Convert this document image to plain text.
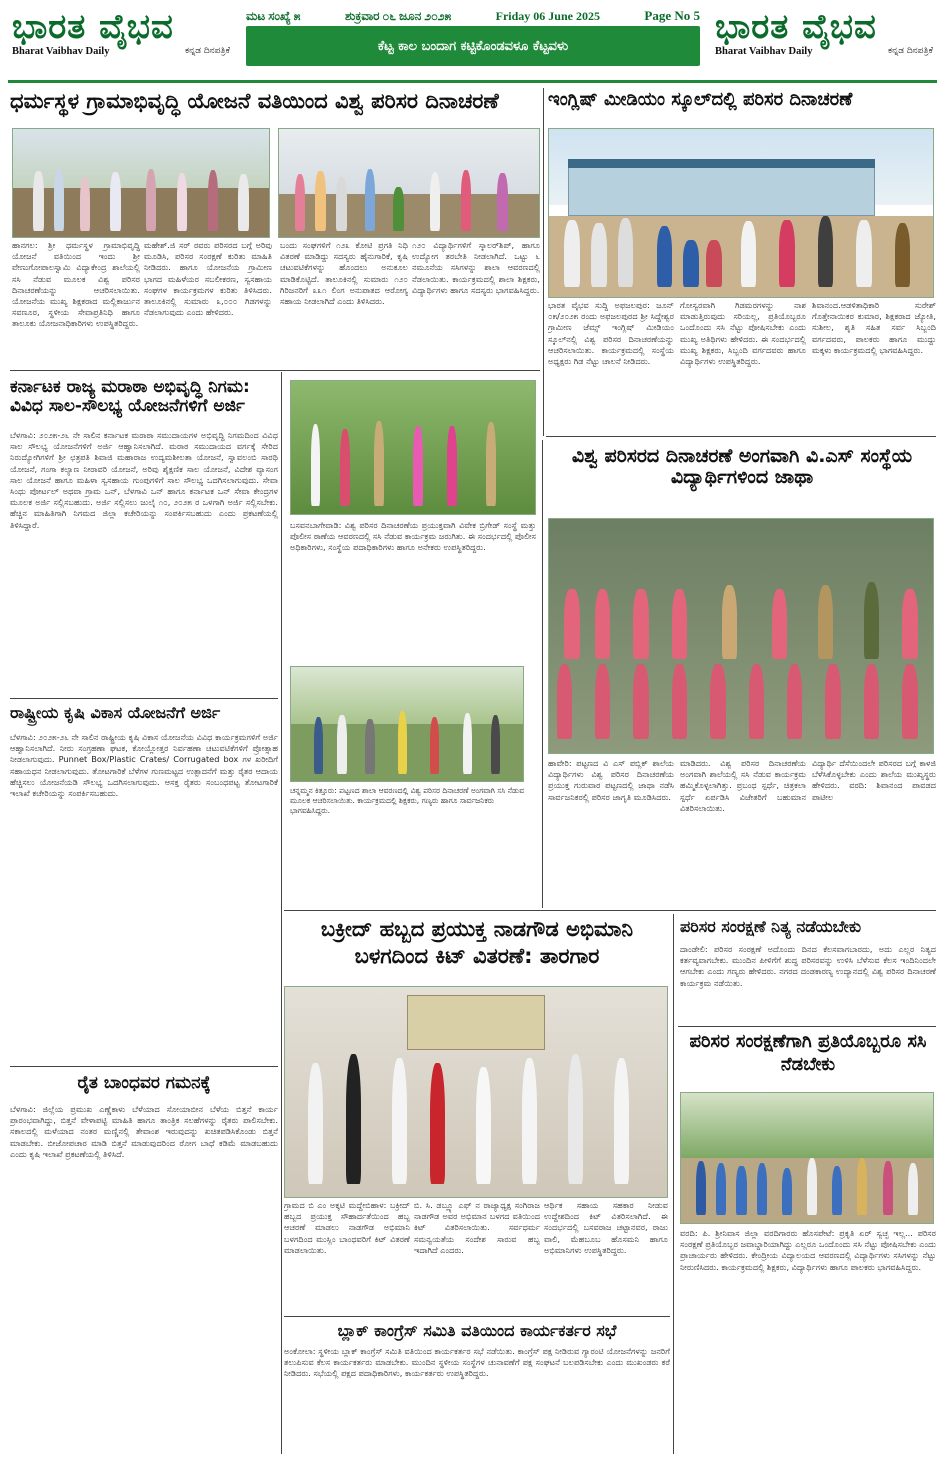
ಭಾರತ ವೈಭವ
Bharat Vaibhav Daily	ಕನ್ನಡ ದಿನಪತ್ರಿಕೆ
ಮಟ ಸಂಖ್ಯೆ ೫	ಶುಕ್ರವಾರ ೦೬ ಜೂನ ೨೦೨೫	Friday 06 June 2025	Page No 5
ಕೆಟ್ಟ ಕಾಲ ಬಂದಾಗ ಕಟ್ಟಿಕೊಂಡವಳೂ ಕೆಟ್ಟವಳು	ಭಾರತ ವೈಭವ
Bharat Vaibhav Daily	ಕನ್ನಡ ದಿನಪತ್ರಿಕೆ
ಧರ್ಮಸ್ಥಳ ಗ್ರಾಮಾಭಿವೃದ್ಧಿ ಯೋಜನೆ ವತಿಯಿಂದ ವಿಶ್ವ ಪರಿಸರ ದಿನಾಚರಣೆ
ಹಾನಗಲ: ಶ್ರೀ ಧರ್ಮಸ್ಥಳ ಗ್ರಾಮಾಭಿವೃದ್ಧಿ ಯೋಜನೆ ವತಿಯಿಂದ ಇಂದು ಶ್ರೀ ವೇಣುಗೋಪಾಲಸ್ವಾಮಿ ವಿದ್ಯಾಕೇಂದ್ರ ಶಾಲೆಯಲ್ಲಿ ಸಸಿ ನೆಡುವ ಮೂಲಕ ವಿಶ್ವ ಪರಿಸರ ದಿನಾಚರಣೆಯನ್ನು ಆಚರಿಸಲಾಯಿತು. ಯೋಜನೆಯ ಮುಖ್ಯ ಶಿಕ್ಷಕರಾದ ಮಲ್ಲಿಕಾರ್ಜುನ ಸವಣೂರ, ಸ್ಥಳೀಯ ಸೇವಾಪ್ರತಿನಿಧಿ ಹಾಗೂ ತಾಲೂಕು ಯೋಜನಾಧಿಕಾರಿಗಳು ಉಪಸ್ಥಿತರಿದ್ದರು.
ಮಹೇಶ್.ಜಿ ಸರ್ ರವರು ಪರಿಸರದ ಬಗ್ಗೆ ಅರಿವು ಮೂಡಿಸಿ, ಪರಿಸರ ಸಂರಕ್ಷಣೆ ಕುರಿತು ಮಾಹಿತಿ ನೀಡಿದರು. ಹಾಗೂ ಯೋಜನೆಯ ಗ್ರಾಮೀಣ ಭಾಗದ ಮಹಿಳೆಯರ ಸಬಲೀಕರಣ, ಸ್ವಸಹಾಯ ಸಂಘಗಳ ಕಾರ್ಯಕ್ರಮಗಳ ಕುರಿತು ತಿಳಿಸಿದರು. ತಾಲೂಕಿನಲ್ಲಿ ಸುಮಾರು ೩,೦೦೦ ಗಿಡಗಳನ್ನು ನೆಡಲಾಗುವುದು ಎಂದು ಹೇಳಿದರು.
ಬಂದು ಸಂಘಗಳಿಗೆ ೧೨೩ ಕೋಟಿ ಪ್ರಗತಿ ನಿಧಿ ವಿತರಣೆ ಮಾಡಿದ್ದು ಸದಸ್ಯರು ಹೈನುಗಾರಿಕೆ, ಕೃಷಿ ಚಟುವಟಿಕೆಗಳನ್ನು ಹೊಂದಲು ಅನುಕೂಲ ಮಾಡಿಕೊಟ್ಟಿದೆ. ತಾಲೂಕಿನಲ್ಲಿ ಸುಮಾರು ೧೨೦ ಗಿರಿಜನರಿಗೆ ೩೩೧ ಲಿಂಗ ಅನುಪಾತದ ಆರೋಗ್ಯ ಸಹಾಯ ನೀಡಲಾಗಿದೆ ಎಂದು ತಿಳಿಸಿದರು.
೧೨೦ ವಿದ್ಯಾರ್ಥಿಗಳಿಗೆ ಸ್ಕಾಲರ್‌ಶಿಪ್, ಹಾಗೂ ಉದ್ಯೋಗ ತರಬೇತಿ ನೀಡಲಾಗಿದೆ. ಒಟ್ಟು ೬ ನಮೂನೆಯ ಸಸಿಗಳನ್ನು ಶಾಲಾ ಆವರಣದಲ್ಲಿ ನೆಡಲಾಯಿತು. ಕಾರ್ಯಕ್ರಮದಲ್ಲಿ ಶಾಲಾ ಶಿಕ್ಷಕರು, ವಿದ್ಯಾರ್ಥಿಗಳು ಹಾಗೂ ಸದಸ್ಯರು ಭಾಗವಹಿಸಿದ್ದರು.
ಇಂಗ್ಲಿಷ್ ಮೀಡಿಯಂ ಸ್ಕೂಲ್‌ದಲ್ಲಿ ಪರಿಸರ ದಿನಾಚರಣೆ
ಭಾರತ ವೈಭವ ಸುದ್ದಿ ಅಫಜಲಪುರ: ಜೂನ್ ೦೫/೨೦೨೫ ರಂದು ಅಫಜಲಪುರದ ಶ್ರೀ ಸಿದ್ದೇಶ್ವರ ಗ್ರಾಮೀಣ ಜೆಮ್ಸ್ ಇಂಗ್ಲಿಷ್ ಮೀಡಿಯಂ ಸ್ಕೂಲ್‌ನಲ್ಲಿ ವಿಶ್ವ ಪರಿಸರ ದಿನಾಚರಣೆಯನ್ನು ಆಚರಿಸಲಾಯಿತು. ಕಾರ್ಯಕ್ರಮದಲ್ಲಿ ಸಂಸ್ಥೆಯ ಅಧ್ಯಕ್ಷರು ಗಿಡ ನೆಟ್ಟು ಚಾಲನೆ ನೀಡಿದರು.
ಗೋಸ್ವರವಾಗಿ ಗಿಡಮರಗಳನ್ನು ನಾಶ ಮಾಡುತ್ತಿರುವುದು ಸರಿಯಲ್ಲ, ಪ್ರತಿಯೊಬ್ಬರೂ ಒಂದೊಂದು ಸಸಿ ನೆಟ್ಟು ಪೋಷಿಸಬೇಕು ಎಂದು ಮುಖ್ಯ ಅತಿಥಿಗಳು ಹೇಳಿದರು. ಈ ಸಂದರ್ಭದಲ್ಲಿ ಮುಖ್ಯ ಶಿಕ್ಷಕರು, ಸಿಬ್ಬಂದಿ ವರ್ಗದವರು ಹಾಗೂ ವಿದ್ಯಾರ್ಥಿಗಳು ಉಪಸ್ಥಿತರಿದ್ದರು.
ಶಿವಾನಂದ.ಆಡಳಿತಾಧಿಕಾರಿ ಸುರೇಶ್ ಗೊತ್ತೇನಾಯಿಕರ ಕುಮಾರ, ಶಿಕ್ಷಕರಾದ ಜ್ಯೋತಿ, ಸುಶೀಲ, ಶೃತಿ ಸಹಿತ ಸರ್ವ ಸಿಬ್ಬಂದಿ ವರ್ಗದವರು, ಪಾಲಕರು ಹಾಗೂ ಮುದ್ದು ಮಕ್ಕಳು ಕಾರ್ಯಕ್ರಮದಲ್ಲಿ ಭಾಗವಹಿಸಿದ್ದರು.
ಕರ್ನಾಟಕ ರಾಜ್ಯ ಮರಾಠಾ ಅಭಿವೃದ್ಧಿ ನಿಗಮ: ವಿವಿಧ ಸಾಲ-ಸೌಲಭ್ಯ ಯೋಜನೆಗಳಿಗೆ ಅರ್ಜಿ
ಬೆಳಗಾವಿ: ೨೦೨೫-೨೬ ನೇ ಸಾಲಿನ ಕರ್ನಾಟಕ ಮರಾಠಾ ಸಮುದಾಯಗಳ ಅಭಿವೃದ್ಧಿ ನಿಗಮದಿಂದ ವಿವಿಧ ಸಾಲ ಸೌಲಭ್ಯ ಯೋಜನೆಗಳಿಗೆ ಅರ್ಜಿ ಆಹ್ವಾನಿಸಲಾಗಿದೆ. ಮರಾಠ ಸಮುದಾಯದ ವರ್ಗಕ್ಕೆ ಸೇರಿದ ನಿರುದ್ಯೋಗಿಗಳಿಗೆ ಶ್ರೀ ಛತ್ರಪತಿ ಶಿವಾಜಿ ಮಹಾರಾಜ ಉದ್ಯಮಶೀಲತಾ ಯೋಜನೆ, ಸ್ವಾವಲಂಬಿ ಸಾರಥಿ ಯೋಜನೆ, ಗಂಗಾ ಕಲ್ಯಾಣ ನೀರಾವರಿ ಯೋಜನೆ, ಅರಿವು ಶೈಕ್ಷಣಿಕ ಸಾಲ ಯೋಜನೆ, ವಿದೇಶ ವ್ಯಾಸಂಗ ಸಾಲ ಯೋಜನೆ ಹಾಗೂ ಮಹಿಳಾ ಸ್ವಸಹಾಯ ಗುಂಪುಗಳಿಗೆ ಸಾಲ ಸೌಲಭ್ಯ ಒದಗಿಸಲಾಗುವುದು. ಸೇವಾ ಸಿಂಧು ಪೋರ್ಟಲ್ ಅಥವಾ ಗ್ರಾಮ ಒನ್, ಬೆಳಗಾವಿ ಒನ್ ಹಾಗೂ ಕರ್ನಾಟಕ ಒನ್ ಸೇವಾ ಕೇಂದ್ರಗಳ ಮೂಲಕ ಅರ್ಜಿ ಸಲ್ಲಿಸಬಹುದು. ಅರ್ಜಿ ಸಲ್ಲಿಸಲು ಜುಲೈ ೧೦, ೨೦೨೫ ರ ಒಳಗಾಗಿ ಅರ್ಜಿ ಸಲ್ಲಿಸಬೇಕು. ಹೆಚ್ಚಿನ ಮಾಹಿತಿಗಾಗಿ ನಿಗಮದ ಜಿಲ್ಲಾ ಕಚೇರಿಯನ್ನು ಸಂಪರ್ಕಿಸಬಹುದು ಎಂದು ಪ್ರಕಟಣೆಯಲ್ಲಿ ತಿಳಿಸಿದ್ದಾರೆ.
ರಾಷ್ಟ್ರೀಯ ಕೃಷಿ ವಿಕಾಸ ಯೋಜನೆಗೆ ಅರ್ಜಿ
ಬೆಳಗಾವಿ: ೨೦೨೫-೨೬ ನೇ ಸಾಲಿನ ರಾಷ್ಟ್ರೀಯ ಕೃಷಿ ವಿಕಾಸ ಯೋಜನೆಯ ವಿವಿಧ ಕಾರ್ಯಕ್ರಮಗಳಿಗೆ ಅರ್ಜಿ ಆಹ್ವಾನಿಸಲಾಗಿದೆ. ನೀರು ಸಂಗ್ರಹಣಾ ಘಟಕ, ಕೋಯ್ಲೋತ್ತರ ನಿರ್ವಹಣಾ ಚಟುವಟಿಕೆಗಳಿಗೆ ಪ್ರೋತ್ಸಾಹ ನೀಡಲಾಗುವುದು. Punnet Box/Plastic Crates/ Corrugated box ಗಳ ಖರೀದಿಗೆ ಸಹಾಯಧನ ನೀಡಲಾಗುವುದು. ತೋಟಗಾರಿಕೆ ಬೆಳೆಗಳ ಗುಣಮಟ್ಟದ ಉತ್ಪಾದನೆಗೆ ಮತ್ತು ರೈತರ ಆದಾಯ ಹೆಚ್ಚಿಸಲು ಯೋಜನೆಯಡಿ ಸೌಲಭ್ಯ ಒದಗಿಸಲಾಗುವುದು. ಆಸಕ್ತ ರೈತರು ಸಂಬಂಧಪಟ್ಟ ತೋಟಗಾರಿಕೆ ಇಲಾಖೆ ಕಚೇರಿಯನ್ನು ಸಂಪರ್ಕಿಸಬಹುದು.
ರೈತ ಬಾಂಧವರ ಗಮನಕ್ಕೆ
ಬೆಳಗಾವಿ: ಜಿಲ್ಲೆಯ ಪ್ರಮುಖ ಎಣ್ಣೆಕಾಳು ಬೆಳೆಯಾದ ಸೋಯಾಬೀನ ಬೆಳೆಯ ಬಿತ್ತನೆ ಕಾರ್ಯ ಪ್ರಾರಂಭವಾಗಿದ್ದು, ಬಿತ್ತನೆ ವೇಳಾಪಟ್ಟಿ ಮಾಹಿತಿ ಹಾಗೂ ತಾಂತ್ರಿಕ ಸಲಹೆಗಳನ್ನು ರೈತರು ಪಾಲಿಸಬೇಕು. ಸಕಾಲದಲ್ಲಿ ಮಳೆಯಾದ ನಂತರ ಮಣ್ಣಿನಲ್ಲಿ ತೇವಾಂಶ ಇರುವುದನ್ನು ಖಚಿತಪಡಿಸಿಕೊಂಡು ಬಿತ್ತನೆ ಮಾಡಬೇಕು. ಬೀಜೋಪಚಾರ ಮಾಡಿ ಬಿತ್ತನೆ ಮಾಡುವುದರಿಂದ ರೋಗ ಬಾಧೆ ಕಡಿಮೆ ಮಾಡಬಹುದು ಎಂದು ಕೃಷಿ ಇಲಾಖೆ ಪ್ರಕಟಣೆಯಲ್ಲಿ ತಿಳಿಸಿದೆ.
ಬಸವನಬಾಗೇವಾಡಿ: ವಿಶ್ವ ಪರಿಸರ ದಿನಾಚರಣೆಯ ಪ್ರಯುಕ್ತವಾಗಿ ವಿವೇಕ ಬ್ರಿಗೇಡ್ ಸಂಸ್ಥೆ ಮತ್ತು ಪೊಲೀಸ ಠಾಣೆಯ ಆವರಣದಲ್ಲಿ ಸಸಿ ನೆಡುವ ಕಾರ್ಯಕ್ರಮ ಜರುಗಿತು. ಈ ಸಂದರ್ಭದಲ್ಲಿ ಪೊಲೀಸ ಅಧಿಕಾರಿಗಳು, ಸಂಸ್ಥೆಯ ಪದಾಧಿಕಾರಿಗಳು ಹಾಗೂ ಅನೇಕರು ಉಪಸ್ಥಿತರಿದ್ದರು.
ಚನ್ನಮ್ಮನ ಕಿತ್ತೂರು: ಪಟ್ಟಣದ ಶಾಲಾ ಆವರಣದಲ್ಲಿ ವಿಶ್ವ ಪರಿಸರ ದಿನಾಚರಣೆ ಅಂಗವಾಗಿ ಸಸಿ ನೆಡುವ ಮೂಲಕ ಆಚರಿಸಲಾಯಿತು. ಕಾರ್ಯಕ್ರಮದಲ್ಲಿ ಶಿಕ್ಷಕರು, ಗಣ್ಯರು ಹಾಗೂ ಸಾರ್ವಜನಿಕರು ಭಾಗವಹಿಸಿದ್ದರು.
ವಿಶ್ವ ಪರಿಸರದ ದಿನಾಚರಣೆ ಅಂಗವಾಗಿ ವಿ.ಎಸ್ ಸಂಸ್ಥೆಯ ವಿದ್ಯಾರ್ಥಿಗಳಿಂದ ಜಾಥಾ
ಹಾವೇರಿ: ಪಟ್ಟಣದ ವಿ ಎಸ್ ಪಬ್ಲಿಕ್ ಶಾಲೆಯ ವಿದ್ಯಾರ್ಥಿಗಳು ವಿಶ್ವ ಪರಿಸರ ದಿನಾಚರಣೆಯ ಪ್ರಯುಕ್ತ ಗುರುವಾರ ಪಟ್ಟಣದಲ್ಲಿ ಜಾಥಾ ನಡೆಸಿ ಸಾರ್ವಜನಿಕರಲ್ಲಿ ಪರಿಸರ ಜಾಗೃತಿ ಮೂಡಿಸಿದರು.
ಮಾಡಿದರು. ವಿಶ್ವ ಪರಿಸರ ದಿನಾಚರಣೆಯ ಅಂಗವಾಗಿ ಶಾಲೆಯಲ್ಲಿ ಸಸಿ ನೆಡುವ ಕಾರ್ಯಕ್ರಮ ಹಮ್ಮಿಕೊಳ್ಳಲಾಗಿತ್ತು. ಪ್ರಬಂಧ ಸ್ಪರ್ಧೆ, ಚಿತ್ರಕಲಾ ಸ್ಪರ್ಧೆ ಏರ್ಪಡಿಸಿ ವಿಜೇತರಿಗೆ ಬಹುಮಾನ ವಿತರಿಸಲಾಯಿತು.
ವಿದ್ಯಾರ್ಥಿ ದೆಸೆಯಿಂದಲೇ ಪರಿಸರದ ಬಗ್ಗೆ ಕಾಳಜಿ ಬೆಳೆಸಿಕೊಳ್ಳಬೇಕು ಎಂದು ಶಾಲೆಯ ಮುಖ್ಯಸ್ಥರು ಹೇಳಿದರು. ವರದಿ: ಶಿವಾನಂದ ಪಾವಡದ ಪಾಟೀಲ
ಬಕ್ರೀದ್ ಹಬ್ಬದ ಪ್ರಯುಕ್ತ ನಾಡಗೌಡ ಅಭಿಮಾನಿ ಬಳಗದಿಂದ ಕಿಟ್ ವಿತರಣೆ: ತಾರಗಾರ
ಗ್ರಾಮದ ಬಿ ಎಂ ಅಕ್ಕಟಿ ಮದ್ದೇಬಿಹಾಳ: ಬಕ್ರೀದ್ ಹಬ್ಬದ ಪ್ರಯುಕ್ತ ಸೌಹಾರ್ದತೆಯಿಂದ ಹಬ್ಬ ಆಚರಣೆ ಮಾಡಲು ನಾಡಗೌಡ ಅಭಿಮಾನಿ ಬಳಗದಿಂದ ಮುಸ್ಲಿಂ ಬಾಂಧವರಿಗೆ ಕಿಟ್ ವಿತರಣೆ ಮಾಡಲಾಯಿತು.
ಬಿ. ಸಿ. ಡಬ್ಲ್ಯೂ ಎಫ್ ನ ರಾಜ್ಯಾಧ್ಯಕ್ಷ ಸಂಗಿರಾಜ ನಾಡಗೌಡ ಅವರ ಅಭಿಮಾನ ಬಳಗದ ವತಿಯಿಂದ ಕಿಟ್ ವಿತರಿಸಲಾಯಿತು. ಸರ್ವಧರ್ಮ ಸಮನ್ವಯತೆಯ ಸಂದೇಶ ಸಾರುವ ಹಬ್ಬ ಇದಾಗಿದೆ ಎಂದರು.
ಆರ್ಥಿಕ ಸಹಾಯ ಸಹಕಾರ ನೀಡುವ ಉದ್ದೇಶದಿಂದ ಕಿಟ್ ವಿತರಿಸಲಾಗಿದೆ. ಈ ಸಂದರ್ಭದಲ್ಲಿ ಬಸವರಾಜ ಚಟ್ಟಾನವರ, ರಾಜು ವಾಲಿ, ಮೆಹಬೂಬ ಹೊಸಮನಿ ಹಾಗೂ ಅಭಿಮಾನಿಗಳು ಉಪಸ್ಥಿತರಿದ್ದರು.
ಬ್ಲಾಕ್ ಕಾಂಗ್ರೆಸ್ ಸಮಿತಿ ವತಿಯಿಂದ ಕಾರ್ಯಕರ್ತರ ಸಭೆ
ಅಂಕೋಲಾ: ಸ್ಥಳೀಯ ಬ್ಲಾಕ್ ಕಾಂಗ್ರೆಸ್ ಸಮಿತಿ ವತಿಯಿಂದ ಕಾರ್ಯಕರ್ತರ ಸಭೆ ನಡೆಯಿತು. ಕಾಂಗ್ರೆಸ್ ಪಕ್ಷ ನೀಡಿರುವ ಗ್ಯಾರಂಟಿ ಯೋಜನೆಗಳನ್ನು ಜನರಿಗೆ ತಲುಪಿಸುವ ಕೆಲಸ ಕಾರ್ಯಕರ್ತರು ಮಾಡಬೇಕು. ಮುಂದಿನ ಸ್ಥಳೀಯ ಸಂಸ್ಥೆಗಳ ಚುನಾವಣೆಗೆ ಪಕ್ಷ ಸಂಘಟನೆ ಬಲಪಡಿಸಬೇಕು ಎಂದು ಮುಖಂಡರು ಕರೆ ನೀಡಿದರು. ಸಭೆಯಲ್ಲಿ ಪಕ್ಷದ ಪದಾಧಿಕಾರಿಗಳು, ಕಾರ್ಯಕರ್ತರು ಉಪಸ್ಥಿತರಿದ್ದರು.
ಪರಿಸರ ಸಂರಕ್ಷಣೆ ನಿತ್ಯ ನಡೆಯಬೇಕು
ದಾಂಡೇಲಿ: ಪರಿಸರ ಸಂರಕ್ಷಣೆ ಅದೊಂದು ದಿನದ ಕೆಲಸವಾಗಬಾರದು, ಅದು ಎಲ್ಲರ ನಿತ್ಯದ ಕರ್ತವ್ಯವಾಗಬೇಕು. ಮುಂದಿನ ಪೀಳಿಗೆಗೆ ಶುದ್ಧ ಪರಿಸರವನ್ನು ಉಳಿಸಿ ಬೆಳೆಸುವ ಕೆಲಸ ಇಂದಿನಿಂದಲೇ ಆಗಬೇಕು ಎಂದು ಗಣ್ಯರು ಹೇಳಿದರು. ನಗರದ ದಂಡಕಾರಣ್ಯ ಉದ್ಯಾನದಲ್ಲಿ ವಿಶ್ವ ಪರಿಸರ ದಿನಾಚರಣೆ ಕಾರ್ಯಕ್ರಮ ನಡೆಯಿತು.
ಪರಿಸರ ಸಂರಕ್ಷಣೆಗಾಗಿ ಪ್ರತಿಯೊಬ್ಬರೂ ಸಸಿ ನೆಡಬೇಕು
ವರದಿ: ಪಿ. ಶ್ರೀನಿವಾಸ ಜಿಲ್ಲಾ ವರದಿಗಾರರು ಹೊಸಪೇಟೆ: ಪ್ರಕೃತಿ ಏರ್‌ ಸ್ವಚ್ಛ ಇಲ್ಲ... ಪರಿಸರ ಸಂರಕ್ಷಣೆ ಪ್ರತಿಯೊಬ್ಬರ ಜವಾಬ್ದಾರಿಯಾಗಿದ್ದು ಎಲ್ಲರೂ ಒಂದೊಂದು ಸಸಿ ನೆಟ್ಟು ಪೋಷಿಸಬೇಕು ಎಂದು ಪ್ರಾಚಾರ್ಯರು ಹೇಳಿದರು. ಕೇಂದ್ರೀಯ ವಿದ್ಯಾಲಯದ ಆವರಣದಲ್ಲಿ ವಿದ್ಯಾರ್ಥಿಗಳು ಸಸಿಗಳನ್ನು ನೆಟ್ಟು ನೀರುಣಿಸಿದರು. ಕಾರ್ಯಕ್ರಮದಲ್ಲಿ ಶಿಕ್ಷಕರು, ವಿದ್ಯಾರ್ಥಿಗಳು ಹಾಗೂ ಪಾಲಕರು ಭಾಗವಹಿಸಿದ್ದರು.
